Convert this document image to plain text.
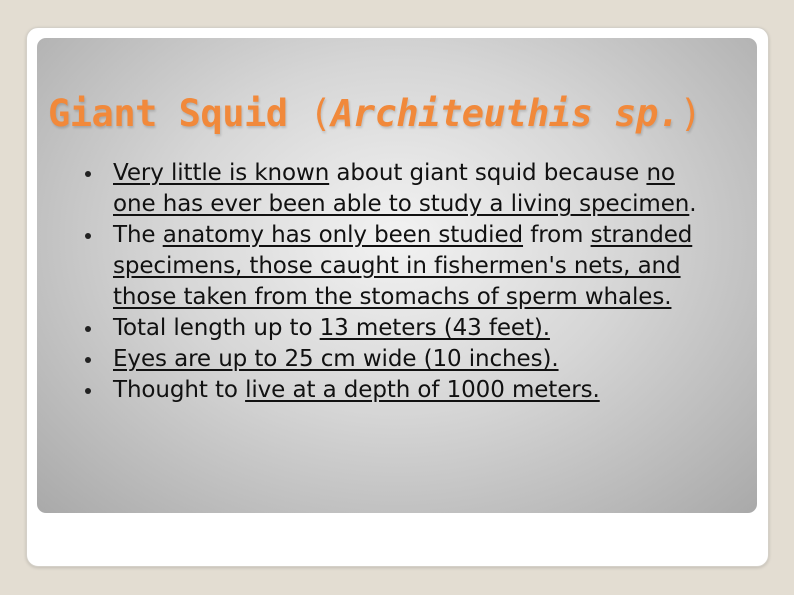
Giant Squid (Architeuthis sp.)
Very little is known about giant squid because no one has ever been able to study a living specimen.
The anatomy has only been studied from stranded specimens, those caught in fishermen's nets, and those taken from the stomachs of sperm whales.
Total length up to 13 meters (43 feet).
Eyes are up to 25 cm wide (10 inches).
Thought to live at a depth of 1000 meters.
